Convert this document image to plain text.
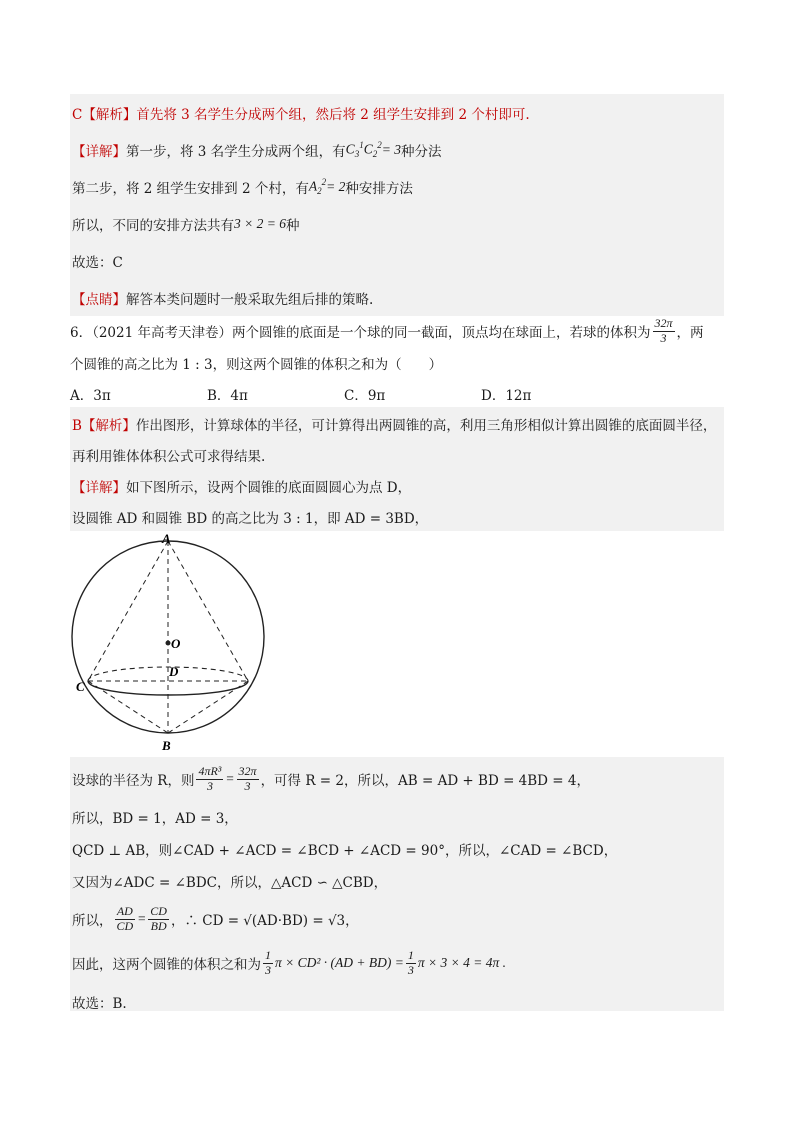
C【解析】 首先将 3 名学生分成两个组，然后将 2 组学生安排到 2 个村即可.
【详解】 第一步，将 3 名学生分成两个组，有 $C_3^1C_2^2 = 3$ 种分法
第二步，将 2 组学生安排到 2 个村，有 $A_2^2 = 2$ 种安排方法
所以，不同的安排方法共有 3 × 2 = 6 种
故选：C
【点睛】 解答本类问题时一般采取先组后排的策略.
6．（2021 年高考天津卷）两个圆锥的底面是一个球的同一截面，顶点均在球面上，若球的体积为 $\frac{32\pi}{3}$ ，两
个圆锥的高之比为 1 : 3，则这两个圆锥的体积之和为（　　）
A．3π	B．4π	C．9π	D．12π
B【解析】 作出图形，计算球体的半径，可计算得出两圆锥的高，利用三角形相似计算出圆锥的底面圆半径，
再利用锥体体积公式可求得结果.
【详解】 如下图所示，设两个圆锥的底面圆圆心为点 D，
设圆锥 AD 和圆锥 BD 的高之比为 3 : 1，即 AD = 3BD，
A
O
C
D
B
设球的半径为 R，则 $\frac{\text{4πR³}}{3} = \frac{32\pi}{3}$ ，可得 R = 2，所以，AB = AD + BD = 4BD = 4，
所以，BD = 1，AD = 3，
QCD ⊥ AB，则∠CAD + ∠ACD = ∠BCD + ∠ACD = 90°，所以，∠CAD = ∠BCD，
又因为∠ADC = ∠BDC，所以，△ACD ∽ △CBD，
所以， $\frac{AD}{CD} = \frac{CD}{BD}$ ，∴ CD = √(AD·BD) = √3，
因此，这两个圆锥的体积之和为 $\frac{1}{3}$ $\pi \times CD^2 \cdot (AD + BD) = \frac{1}{3}$ π × 3 × 4 = 4π .
故选：B.
